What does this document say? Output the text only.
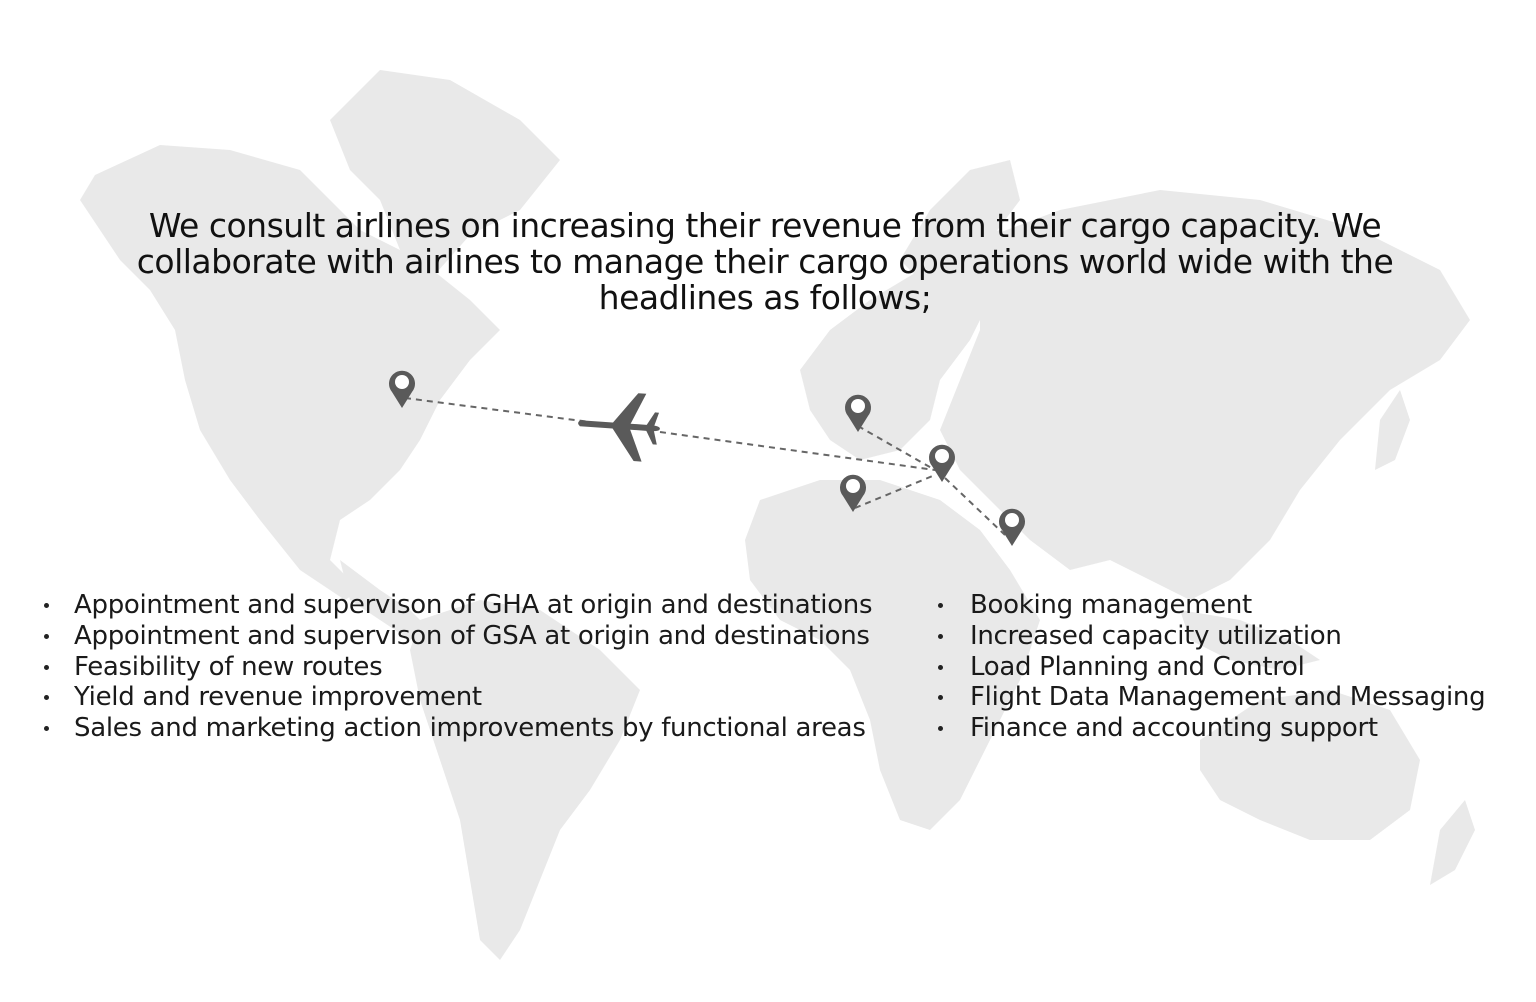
We consult airlines on increasing their revenue from their cargo capacity. We collaborate with airlines to manage their cargo operations world wide with the headlines as follows;

Appointment and supervison of GHA at origin and destinations
Appointment and supervison of GSA at origin and destinations
Feasibility of new routes
Yield and revenue improvement
Sales and marketing action improvements by functional areas
Booking management
Increased capacity utilization
Load Planning and Control
Flight Data Management and Messaging
Finance and accounting support
